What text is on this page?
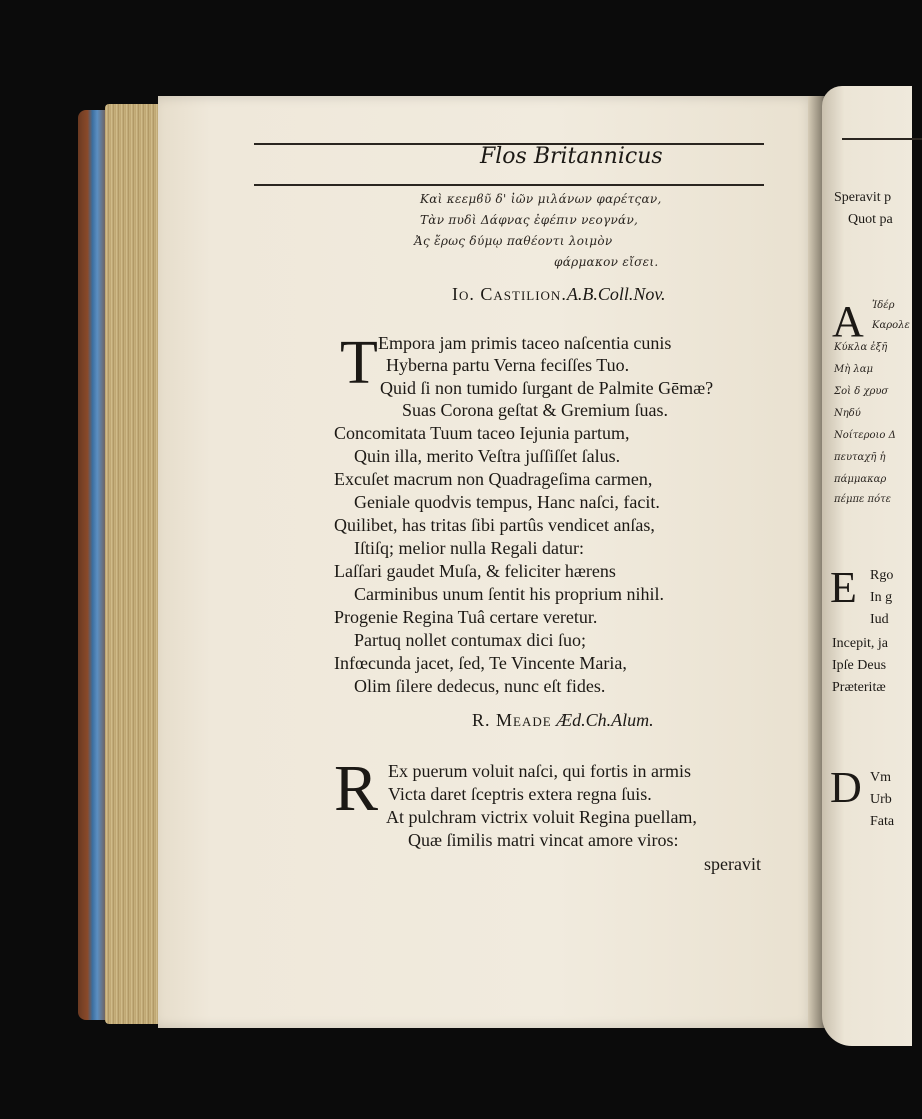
Speravit p
Quot pa
A Ἰδέρ
Καρολε
Κύκλα ἐξῆ
Μὴ λαμ
Σοὶ δ χρυσ
Νηδύ
Νοίτεροιο Δ
πευταχῆ ἡ
πάμμακαρ
πέμπε πότε
E Rgo
In g
Iud
Incepit, ja
Ipſe Deus
Præteritæ
D Vm
Urb
Fata
Flos Britannicus
Καὶ κεεμϐῦ δ' ἰῶν μιλάνων φαρέτςαν,
Τὰν πυδὶ Δάφνας ἐφέπιν νεογνάν,
Ἀς ἔρως δύμῳ παθέοντι λοιμὸν
φάρμακον εἴσει.
Io. Castilion.A.B.Coll.Nov.
T Empora jam primis taceo naſcentia cunis
Hyberna partu Verna feciſſes Tuo.
Quid ſi non tumido ſurgant de Palmite Gēmæ?
Suas Corona geſtat & Gremium ſuas.
Concomitata Tuum taceo Iejunia partum,
Quin illa, merito Veſtra juſſiſſet ſalus.
Excuſet macrum non Quadrageſima carmen,
Geniale quodvis tempus, Hanc naſci, facit.
Quilibet, has tritas ſibi partûs vendicet anſas,
Iſtiſq; melior nulla Regali datur:
Laſſari gaudet Muſa, & feliciter hærens
Carminibus unum ſentit his proprium nihil.
Progenie Regina Tuâ certare veretur.
Partuq nollet contumax dici ſuo;
Infœcunda jacet, ſed, Te Vincente Maria,
Olim ſilere dedecus, nunc eſt fides.
R. Meade Æd.Ch.Alum.
R Ex puerum voluit naſci, qui fortis in armis
Victa daret ſceptris extera regna ſuis.
At pulchram victrix voluit Regina puellam,
Quæ ſimilis matri vincat amore viros:
speravit
